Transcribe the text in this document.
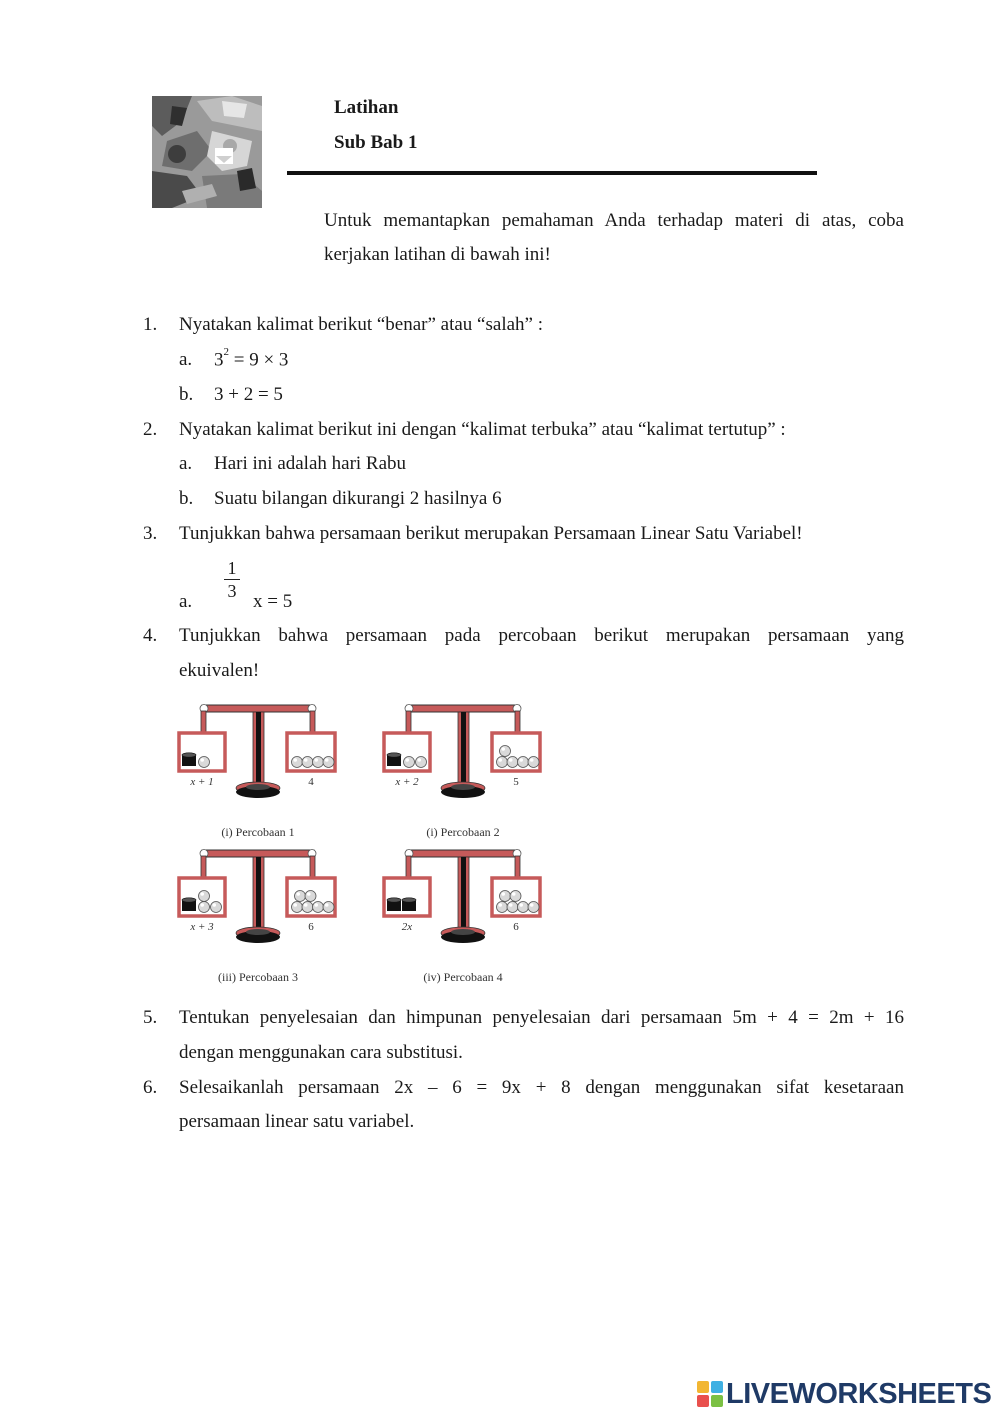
Latihan
Sub Bab 1
Untuk memantapkan pemahaman Anda terhadap materi di atas, coba
kerjakan latihan di bawah ini!
1. Nyatakan kalimat berikut “benar” atau “salah” :
a. $3^2 = 9 \times 3$
b. 3 + 2 = 5
2. Nyatakan kalimat berikut ini dengan “kalimat terbuka” atau “kalimat tertutup” :
a. Hari ini adalah hari Rabu
b. Suatu bilangan dikurangi 2 hasilnya 6
3. Tunjukkan bahwa persamaan berikut merupakan Persamaan Linear Satu Variabel!
a.
1
3 x = 5
4. Tunjukkan bahwa persamaan pada percobaan berikut merupakan persamaan yang
ekuivalen!
x + 1	4
(i) Percobaan 1
x + 2	5
(i) Percobaan 2
x + 3	6
(iii) Percobaan 3
2x	6
(iv) Percobaan 4
5. Tentukan penyelesaian dan himpunan penyelesaian dari persamaan 5m + 4 = 2m + 16
dengan menggunakan cara substitusi.
6. Selesaikanlah persamaan 2x – 6 = 9x + 8 dengan menggunakan sifat kesetaraan
persamaan linear satu variabel.
LIVEWORKSHEETS
